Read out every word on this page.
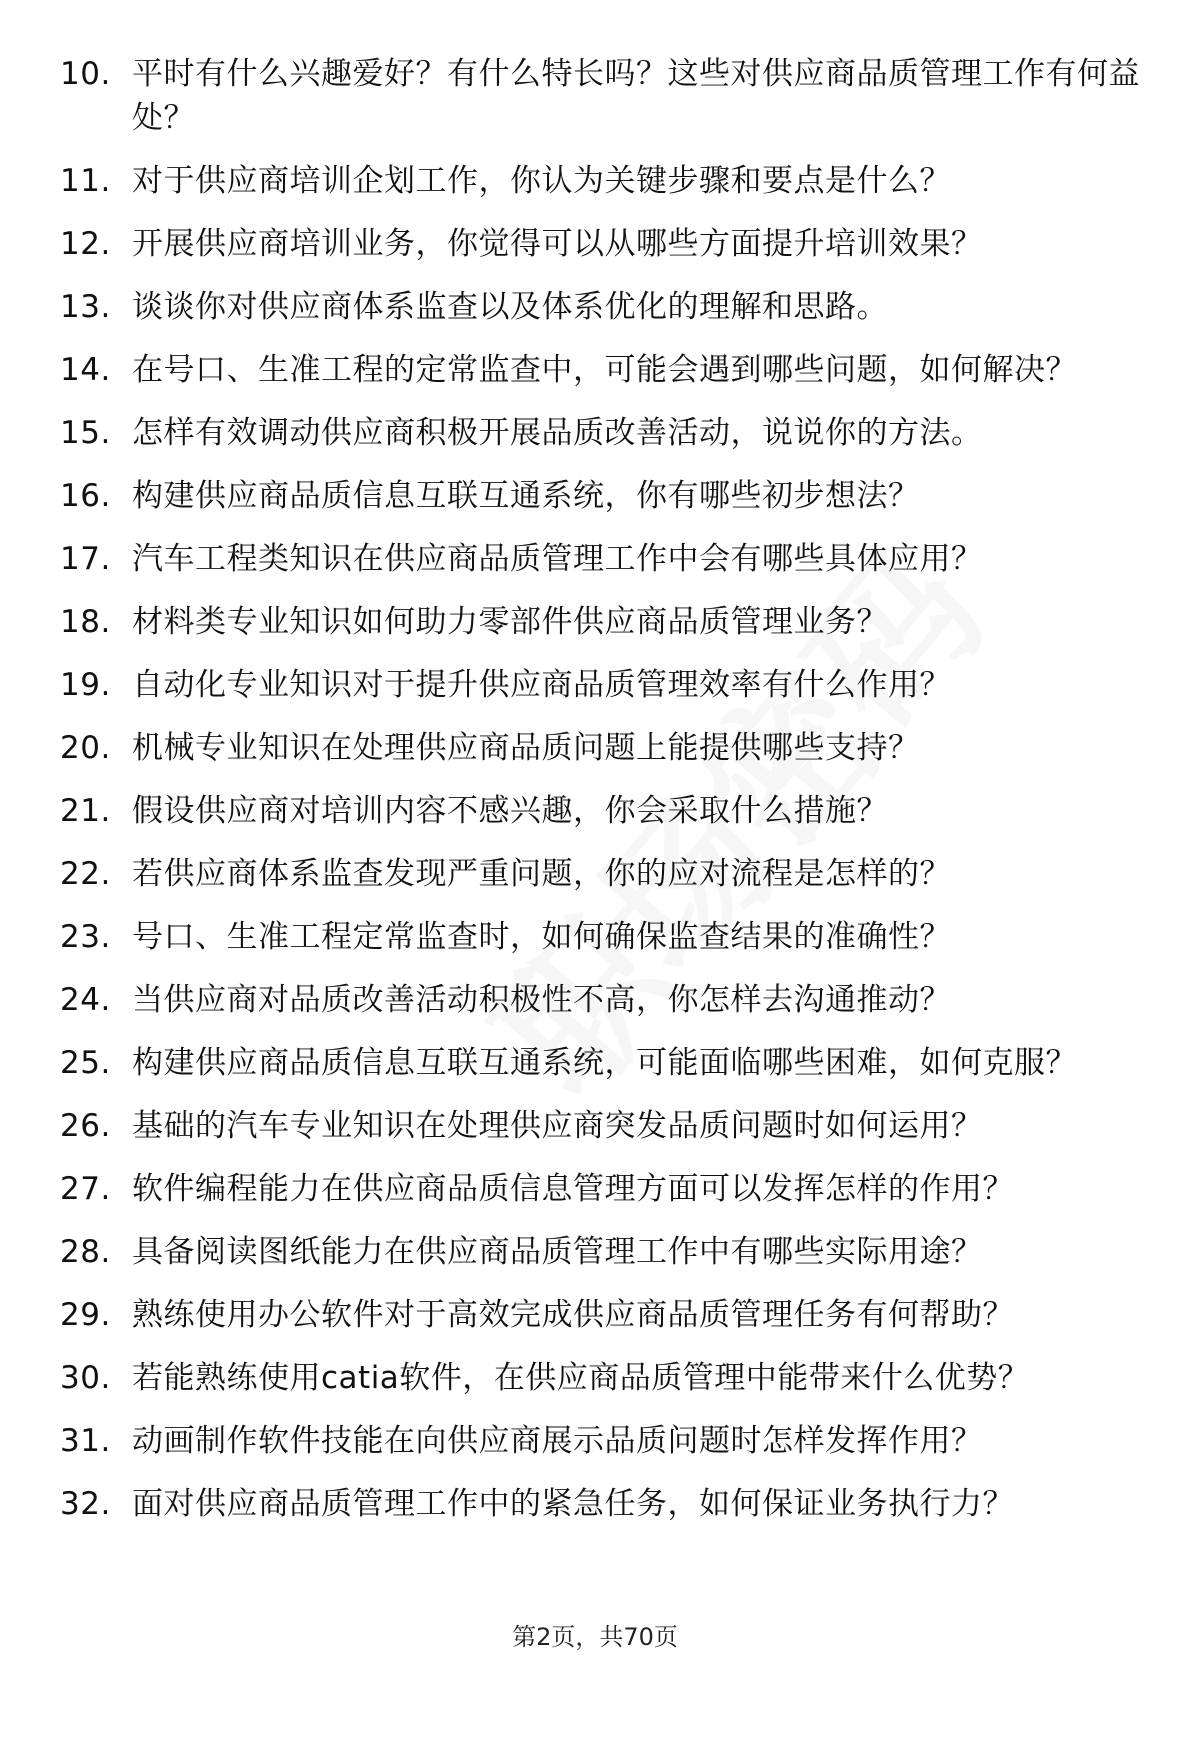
10. 平时有什么兴趣爱好？有什么特长吗？这些对供应商品质管理工作有何益处？
11. 对于供应商培训企划工作，你认为关键步骤和要点是什么？
12. 开展供应商培训业务，你觉得可以从哪些方面提升培训效果？
13. 谈谈你对供应商体系监查以及体系优化的理解和思路。
14. 在号口、生准工程的定常监查中，可能会遇到哪些问题，如何解决？
15. 怎样有效调动供应商积极开展品质改善活动，说说你的方法。
16. 构建供应商品质信息互联互通系统，你有哪些初步想法？
17. 汽车工程类知识在供应商品质管理工作中会有哪些具体应用？
18. 材料类专业知识如何助力零部件供应商品质管理业务？
19. 自动化专业知识对于提升供应商品质管理效率有什么作用？
20. 机械专业知识在处理供应商品质问题上能提供哪些支持？
21. 假设供应商对培训内容不感兴趣，你会采取什么措施？
22. 若供应商体系监查发现严重问题，你的应对流程是怎样的？
23. 号口、生准工程定常监查时，如何确保监查结果的准确性？
24. 当供应商对品质改善活动积极性不高，你怎样去沟通推动？
25. 构建供应商品质信息互联互通系统，可能面临哪些困难，如何克服？
26. 基础的汽车专业知识在处理供应商突发品质问题时如何运用？
27. 软件编程能力在供应商品质信息管理方面可以发挥怎样的作用？
28. 具备阅读图纸能力在供应商品质管理工作中有哪些实际用途？
29. 熟练使用办公软件对于高效完成供应商品质管理任务有何帮助？
30. 若能熟练使用catia软件，在供应商品质管理中能带来什么优势？
31. 动画制作软件技能在向供应商展示品质问题时怎样发挥作用？
32. 面对供应商品质管理工作中的紧急任务，如何保证业务执行力？
第2页，共70页
